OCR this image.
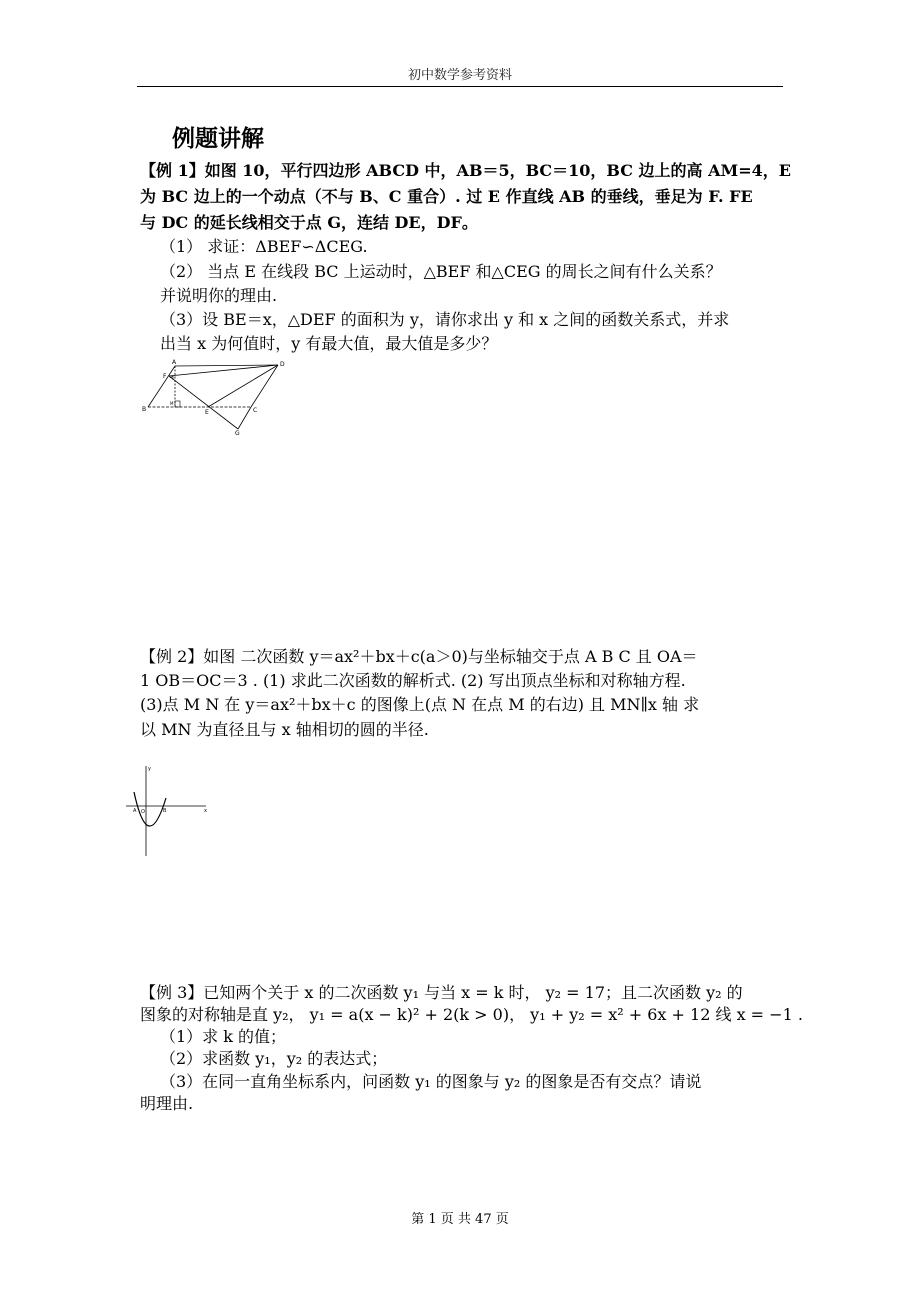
初中数学参考资料
例题讲解
【例 1】如图 10，平行四边形 ABCD 中，AB＝5，BC＝10，BC 边上的高 AM=4，E
为 BC 边上的一个动点（不与 B、C 重合）. 过 E 作直线 AB 的垂线，垂足为 F. FE
与 DC 的延长线相交于点 G，连结 DE，DF。
（1） 求证：ΔBEF∽ΔCEG.
（2） 当点 E 在线段 BC 上运动时，△BEF 和△CEG 的周长之间有什么关系？
并说明你的理由.
（3）设 BE＝x，△DEF 的面积为 y，请你求出 y 和 x 之间的函数关系式，并求
出当 x 为何值时，y 有最大值，最大值是多少？
A	D
F
B
M
E	C
G
【例 2】如图 二次函数 y＝ax²＋bx＋c(a＞0)与坐标轴交于点 A B C 且 OA＝
1 OB＝OC＝3 . (1) 求此二次函数的解析式. (2) 写出顶点坐标和对称轴方程.
(3)点 M N 在 y＝ax²＋bx＋c 的图像上(点 N 在点 M 的右边) 且 MN∥x 轴 求
以 MN 为直径且与 x 轴相切的圆的半径.
y
x
O
A	B
【例 3】已知两个关于 x 的二次函数 y₁ 与当 x = k 时， y₂ = 17；且二次函数 y₂ 的
图象的对称轴是直 y₂， y₁ = a(x − k)² + 2(k > 0)， y₁ + y₂ = x² + 6x + 12 线 x = −1 .
（1）求 k 的值；
（2）求函数 y₁，y₂ 的表达式；
（3）在同一直角坐标系内，问函数 y₁ 的图象与 y₂ 的图象是否有交点？请说
明理由.
第 1 页 共 47 页
